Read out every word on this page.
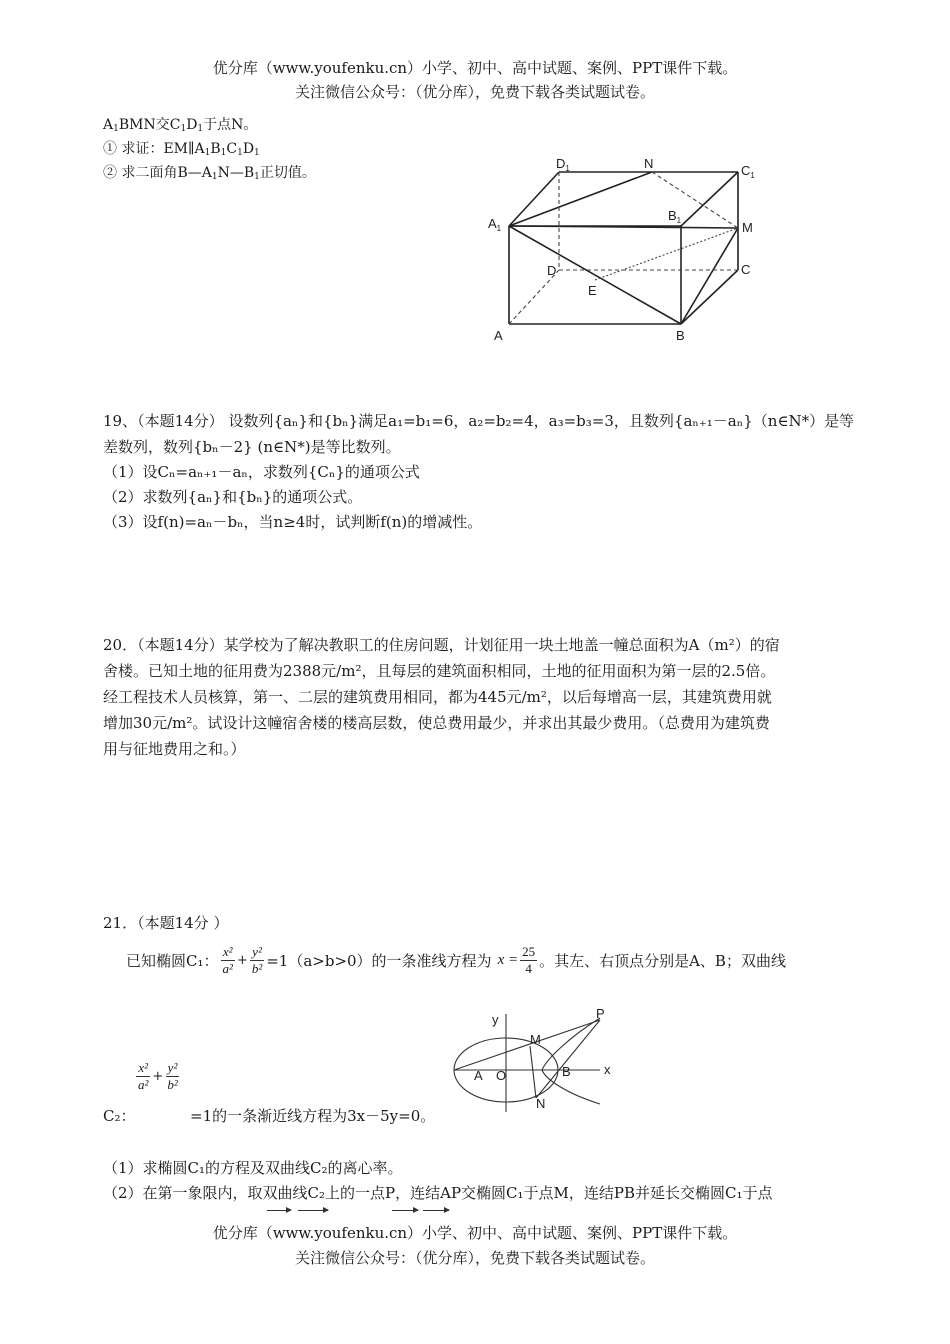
优分库（www.youfenku.cn）小学、初中、高中试题、案例、PPT课件下载。
关注微信公众号：（优分库），免费下载各类试题试卷。
$A_1BMN$交$C_1D_1$于点N。
① 求证：$EM\parallel A_1B_1C_1D_1$
② 求二面角$B—A_1N—B_1$正切值。
$D_1$	N	$C_1$
$A_1$
$B_1$	M
D	C
E
A	B
19、（本题14分） 设数列{aₙ}和{bₙ}满足a₁=b₁=6，a₂=b₂=4，a₃=b₃=3，且数列{aₙ₊₁－aₙ}（n∈N*）是等
差数列，数列{bₙ－2} (n∈N*)是等比数列。
（1）设Cₙ=aₙ₊₁－aₙ，求数列{Cₙ}的通项公式
（2）求数列{aₙ}和{bₙ}的通项公式。
（3）设f(n)=aₙ－bₙ，当n≥4时，试判断f(n)的增减性。
20．（本题14分）某学校为了解决教职工的住房问题，计划征用一块土地盖一幢总面积为A（m²）的宿
舍楼。已知土地的征用费为2388元/m²，且每层的建筑面积相同，土地的征用面积为第一层的2.5倍。
经工程技术人员核算，第一、二层的建筑费用相同，都为445元/m²，以后每增高一层，其建筑费用就
增加30元/m²。试设计这幢宿舍楼的楼高层数，使总费用最少，并求出其最少费用。（总费用为建筑费
用与征地费用之和。）
21．（本题14分 ）
已知椭圆C₁： $\frac{\text{x²}}{\text{a²}} + \frac{\text{y²}}{\text{b²}} =1(a>b>0)$的一条准线方程为 $x = \frac{25}{4}$ 。其左、右顶点分别是A、B；双曲线
$\frac{\text{x²}}{\text{a²}} + \frac{\text{y²}}{\text{b²}}$
C₂：	=1的一条渐近线方程为3x－5y=0。
y	P
M
A O	B	x
N
（1）求椭圆C₁的方程及双曲线C₂的离心率。
（2）在第一象限内，取双曲线C₂上的一点P，连结AP交椭圆C₁于点M，连结PB并延长交椭圆C₁于点
优分库（www.youfenku.cn）小学、初中、高中试题、案例、PPT课件下载。
关注微信公众号：（优分库），免费下载各类试题试卷。
